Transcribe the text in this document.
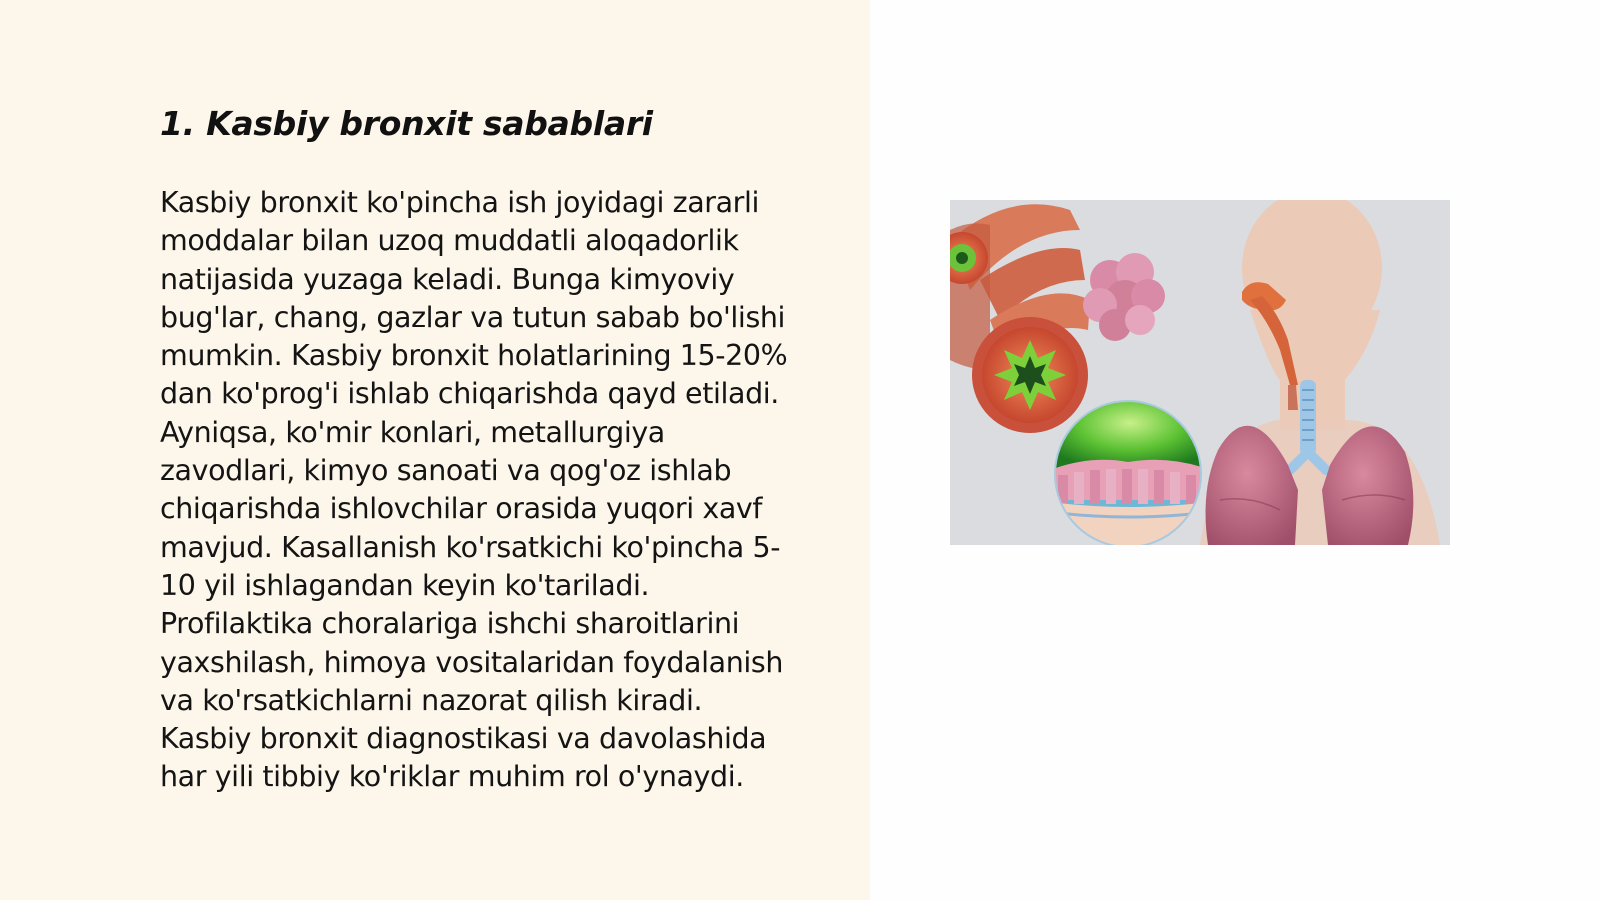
1. Kasbiy bronxit sabablari
Kasbiy bronxit ko'pincha ish joyidagi zararli
moddalar bilan uzoq muddatli aloqadorlik
natijasida yuzaga keladi. Bunga kimyoviy
bug'lar, chang, gazlar va tutun sabab bo'lishi
mumkin. Kasbiy bronxit holatlarining 15-20%
dan ko'prog'i ishlab chiqarishda qayd etiladi.
Ayniqsa, ko'mir konlari, metallurgiya
zavodlari, kimyo sanoati va qog'oz ishlab
chiqarishda ishlovchilar orasida yuqori xavf
mavjud. Kasallanish ko'rsatkichi ko'pincha 5-
10 yil ishlagandan keyin ko'tariladi.
Profilaktika choralariga ishchi sharoitlarini
yaxshilash, himoya vositalaridan foydalanish
va ko'rsatkichlarni nazorat qilish kiradi.
Kasbiy bronxit diagnostikasi va davolashida
har yili tibbiy ko'riklar muhim rol o'ynaydi.
